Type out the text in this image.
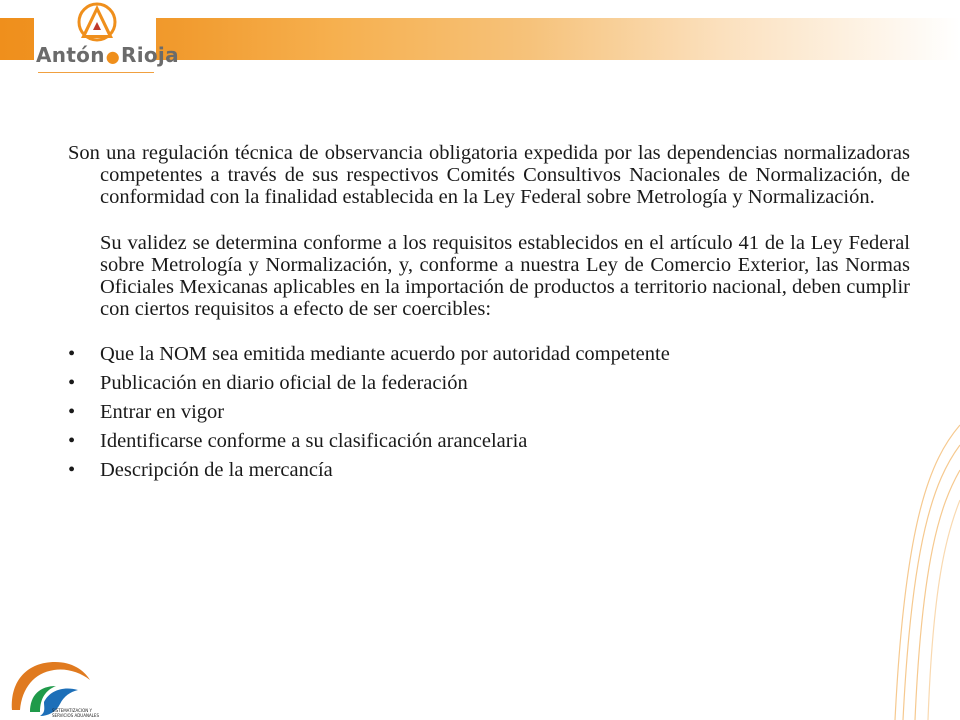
Antón●Rioja

Son una regulación técnica de observancia obligatoria expedida por las dependencias normalizadoras competentes a través de sus respectivos Comités Consultivos Nacionales de Normalización, de conformidad con la finalidad establecida en la Ley Federal sobre Metrología y Normalización.

Su validez se determina conforme a los requisitos establecidos en el artículo 41 de la Ley Federal sobre Metrología y Normalización, y, conforme a nuestra Ley de Comercio Exterior, las Normas Oficiales Mexicanas aplicables en la importación de productos a territorio nacional, deben cumplir con ciertos requisitos a efecto de ser coercibles:

•	Que la NOM sea emitida mediante acuerdo por autoridad competente
•	Publicación en diario oficial de la federación
•	Entrar en vigor
•	Identificarse conforme a su clasificación arancelaria
•	Descripción de la mercancía
SISTEMATIZACION Y
SERVICIOS ADUANALES
